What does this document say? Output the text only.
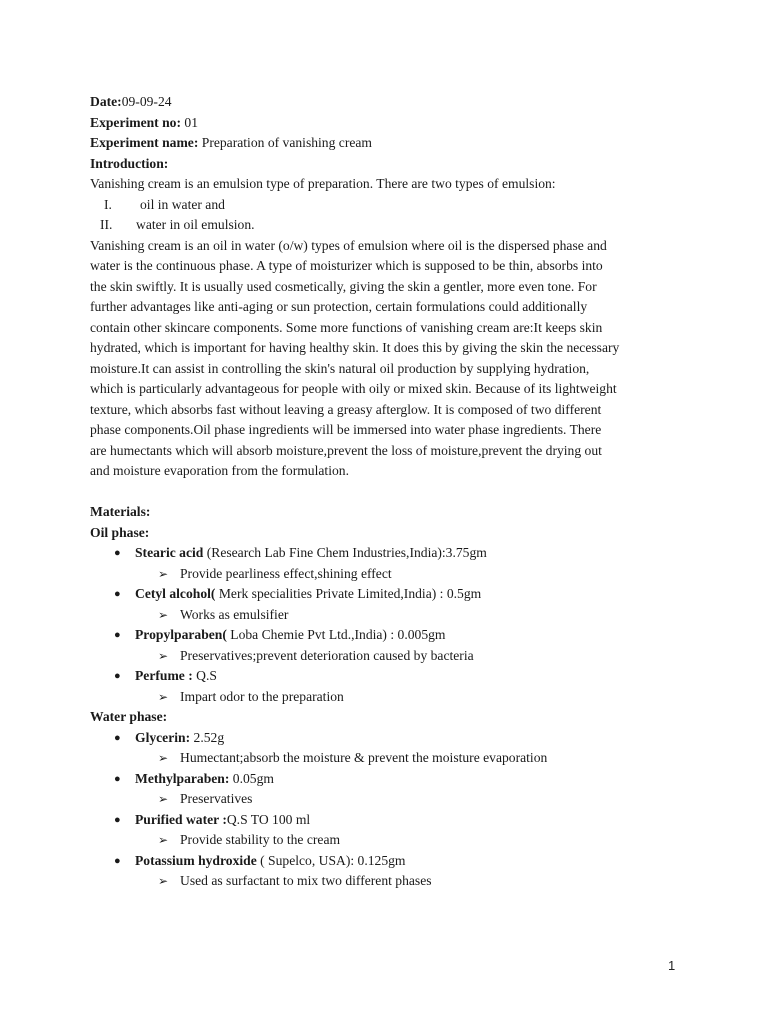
Date:09-09-24
Experiment no: 01
Experiment name: Preparation of vanishing cream
Introduction:
Vanishing cream is an emulsion type of preparation. There are two types of emulsion:
I. oil in water and
II. water in oil emulsion.
Vanishing cream is an oil in water (o/w) types of emulsion where oil is the dispersed phase and
water is the continuous phase. A type of moisturizer which is supposed to be thin, absorbs into
the skin swiftly. It is usually used cosmetically, giving the skin a gentler, more even tone. For
further advantages like anti-aging or sun protection, certain formulations could additionally
contain other skincare components. Some more functions of vanishing cream are:It keeps skin
hydrated, which is important for having healthy skin. It does this by giving the skin the necessary
moisture.It can assist in controlling the skin's natural oil production by supplying hydration,
which is particularly advantageous for people with oily or mixed skin. Because of its lightweight
texture, which absorbs fast without leaving a greasy afterglow. It is composed of two different
phase components.Oil phase ingredients will be immersed into water phase ingredients. There
are humectants which will absorb moisture,prevent the loss of moisture,prevent the drying out
and moisture evaporation from the formulation.
Materials:
Oil phase:
● Stearic acid (Research Lab Fine Chem Industries,India):3.75gm
➢ Provide pearliness effect,shining effect
● Cetyl alcohol( Merk specialities Private Limited,India) : 0.5gm
➢ Works as emulsifier
● Propylparaben( Loba Chemie Pvt Ltd.,India) : 0.005gm
➢ Preservatives;prevent deterioration caused by bacteria
● Perfume : Q.S
➢ Impart odor to the preparation
Water phase:
● Glycerin: 2.52g
➢ Humectant;absorb the moisture & prevent the moisture evaporation
● Methylparaben: 0.05gm
➢ Preservatives
● Purified water :Q.S TO 100 ml
➢ Provide stability to the cream
● Potassium hydroxide ( Supelco, USA): 0.125gm
➢ Used as surfactant to mix two different phases
1
